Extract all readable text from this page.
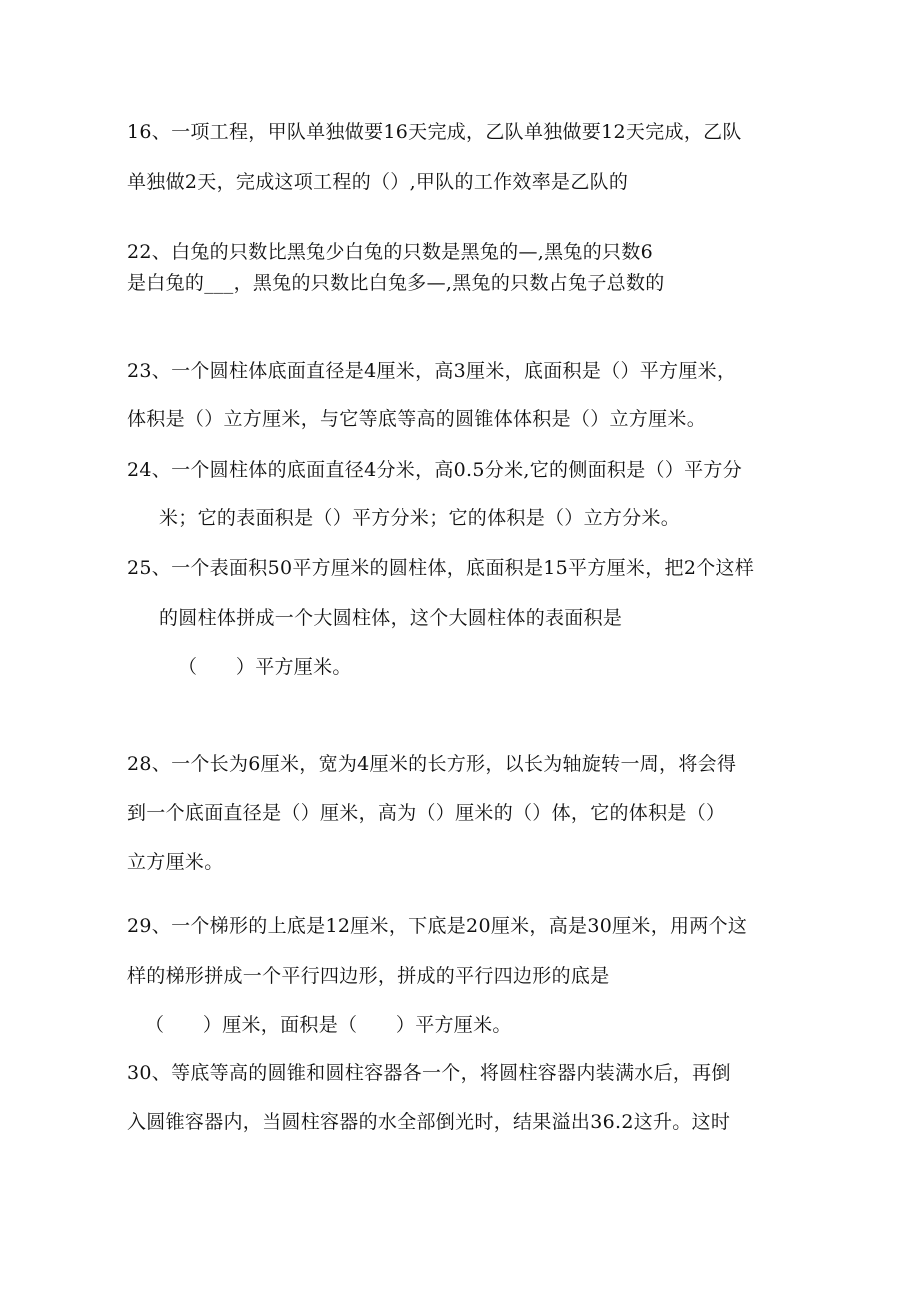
16、一项工程，甲队单独做要16天完成，乙队单独做要12天完成，乙队
单独做2天，完成这项工程的（）,甲队的工作效率是乙队的
22、白兔的只数比黑兔少白兔的只数是黑兔的—,黑兔的只数6
是白兔的___，黑兔的只数比白兔多—,黑兔的只数占兔子总数的
23、一个圆柱体底面直径是4厘米，高3厘米，底面积是（）平方厘米，
体积是（）立方厘米，与它等底等高的圆锥体体积是（）立方厘米。
24、一个圆柱体的底面直径4分米，高0.5分米,它的侧面积是（）平方分
米；它的表面积是（）平方分米；它的体积是（）立方分米。
25、一个表面积50平方厘米的圆柱体，底面积是15平方厘米，把2个这样
的圆柱体拼成一个大圆柱体，这个大圆柱体的表面积是
（　　）平方厘米。
28、一个长为6厘米，宽为4厘米的长方形，以长为轴旋转一周，将会得
到一个底面直径是（）厘米，高为（）厘米的（）体，它的体积是（）
立方厘米。
29、一个梯形的上底是12厘米，下底是20厘米，高是30厘米，用两个这
样的梯形拼成一个平行四边形，拼成的平行四边形的底是
（　　）厘米，面积是（　　）平方厘米。
30、等底等高的圆锥和圆柱容器各一个，将圆柱容器内装满水后，再倒
入圆锥容器内，当圆柱容器的水全部倒光时，结果溢出36.2这升。这时
